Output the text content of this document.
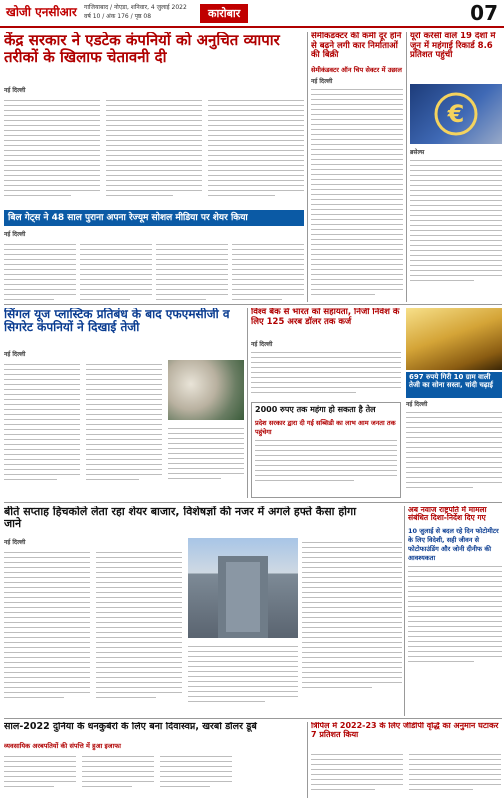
खोजी एनसीआर गाजियाबाद / नोएडा, शनिवार, 4 जुलाई 2022
वर्ष 10 / अंक 176 / पृष्ठ 08	कारोबार	07
केंद्र सरकार ने एडटेक कंपनियों को अनुचित व्यापार तरीकों के खिलाफ चेतावनी दी
नई दिल्ली
सेमीकंडक्टर की कमी दूर होने से बढ़ने लगी कार निर्माताओं की बिक्री
सेमीकंडक्टर ऑन चिप सेक्टर में उछाल
नई दिल्ली
यूरो करेंसी वाले 19 देशों में जून में महंगाई रिकार्ड 8.6 प्रतिशत पहुंची
€
ब्रसेल्स
बिल गेट्स ने 48 साल पुराना अपना रेज्यूम सोशल मीडिया पर शेयर किया
नई दिल्ली
सिंगल यूज प्लास्टिक प्रतिबंध के बाद एफएमसीजी व सिगरेट कंपनियों ने दिखाई तेजी
नई दिल्ली
विश्व बैंक से भारत को सहायता, निजी निवेश के लिए 125 अरब डॉलर तक कर्ज
नई दिल्ली
697 रुपये गिरी 10 ग्राम वाली तेजी का सोना सस्ता, चांदी चढ़ाई
नई दिल्ली
2000 रुपए तक महंगा हो सकता है तेल
प्रदेश सरकार द्वारा दी गई सब्सिडी का लाभ आम जनता तक पहुंचेगा
बीते सप्ताह हिचकोले लेता रहा शेयर बाजार, विशेषज्ञों की नजर में अगले हफ्ते कैसा होगा जाने
नई दिल्ली
अब नवाज राष्ट्रपति में मामला संबंधित दिशा-निर्देश दिए गए
10 जुलाई से बदल रहे दिन फोटोमीटर के लिए विदेशी, सही जीवन से फोटोफाउंडिंग और जोनी दीनीफ की आवश्यकता
साल-2022 दुनिया के धनकुबेरों के लिए बना दिवास्वप्न, खरबों डॉलर डूबे
व्यवसायिक अरबपतियों की संपत्ति में हुआ इजाफा
त्रिपिल में 2022-23 के लिए जीडीपी वृद्धि का अनुमान घटाकर 7 प्रतिशत किया
